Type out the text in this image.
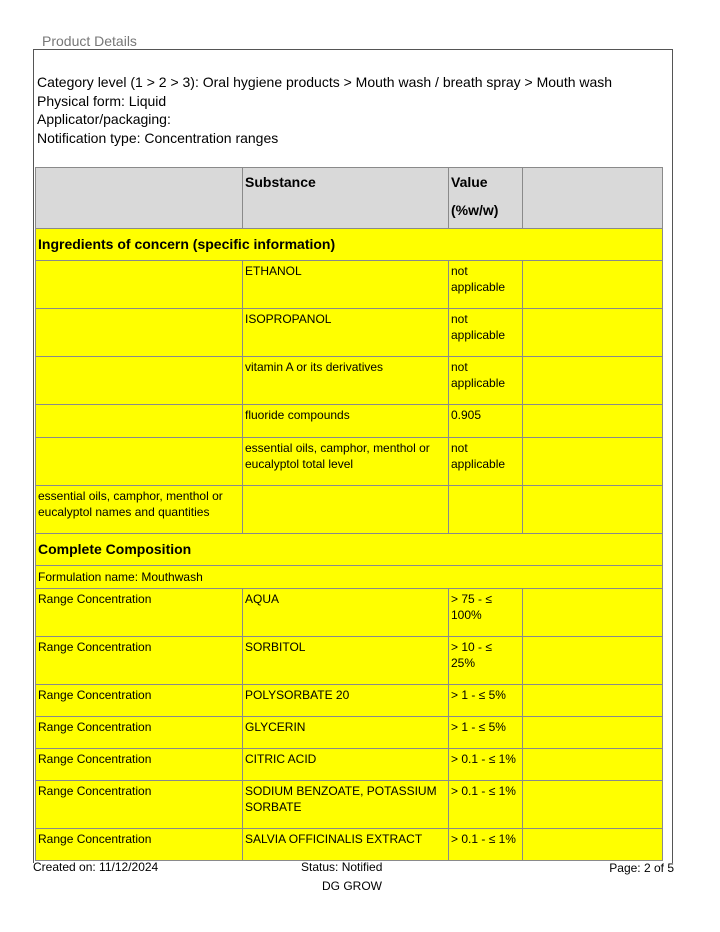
Product Details
Category level (1 > 2 > 3): Oral hygiene products > Mouth wash / breath spray > Mouth wash
Physical form: Liquid
Applicator/packaging:
Notification type: Concentration ranges
	Substance	Value
(%w/w)	

Ingredients of concern (specific information)			
	ETHANOL	not
applicable	

	ISOPROPANOL	not
applicable	

	vitamin A or its derivatives	not
applicable	

	fluoride compounds	0.905	

	essential oils, camphor, menthol or eucalyptol total level	not
applicable	

essential oils, camphor, menthol or eucalyptol names and quantities		

Complete Composition			
Formulation name: Mouthwash			
Range Concentration	AQUA	> 75 - ≤
100%	

Range Concentration	SORBITOL	> 10 - ≤
25%	

Range Concentration	POLYSORBATE 20	> 1 - ≤ 5%	

Range Concentration	GLYCERIN	> 1 - ≤ 5%	

Range Concentration	CITRIC ACID	> 0.1 - ≤ 1%	

Range Concentration	SODIUM BENZOATE, POTASSIUM SORBATE	> 0.1 - ≤ 1%	

Range Concentration	SALVIA OFFICINALIS EXTRACT	> 0.1 - ≤ 1%	

Created on: 11/12/2024	Status: Notified
DG GROW
Page: 2 of 5
